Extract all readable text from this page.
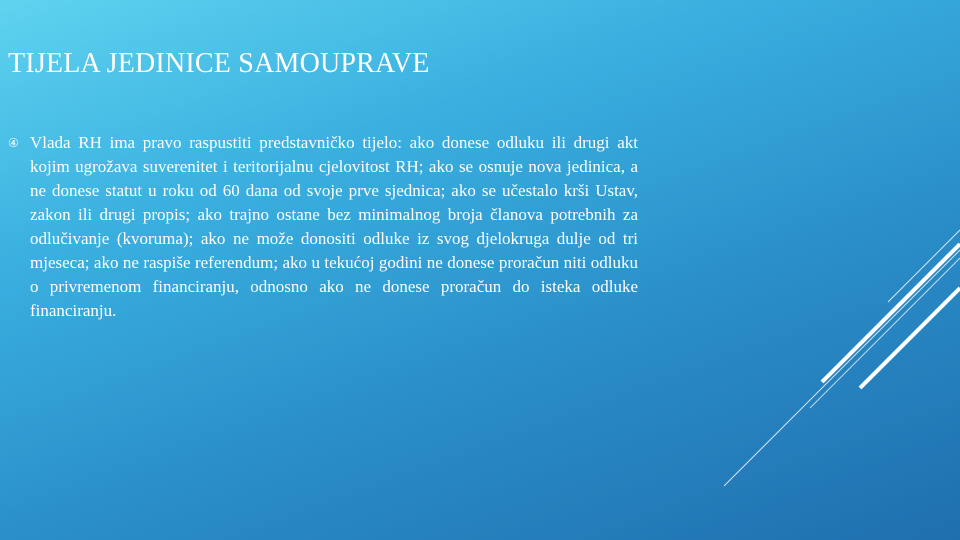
TIJELA JEDINICE SAMOUPRAVE
④ Vlada RH ima pravo raspustiti predstavničko tijelo: ako donese odluku ili drugi akt kojim ugrožava suverenitet i teritorijalnu cjelovitost RH; ako se osnuje nova jedinica, a ne donese statut u roku od 60 dana od svoje prve sjednica; ako se učestalo krši Ustav, zakon ili drugi propis; ako trajno ostane bez minimalnog broja članova potrebnih za odlučivanje (kvoruma); ako ne može donositi odluke iz svog djelokruga dulje od tri mjeseca; ako ne raspiše referendum; ako u tekućoj godini ne donese proračun niti odluku o privremenom financiranju, odnosno ako ne donese proračun do isteka odluke financiranju.
